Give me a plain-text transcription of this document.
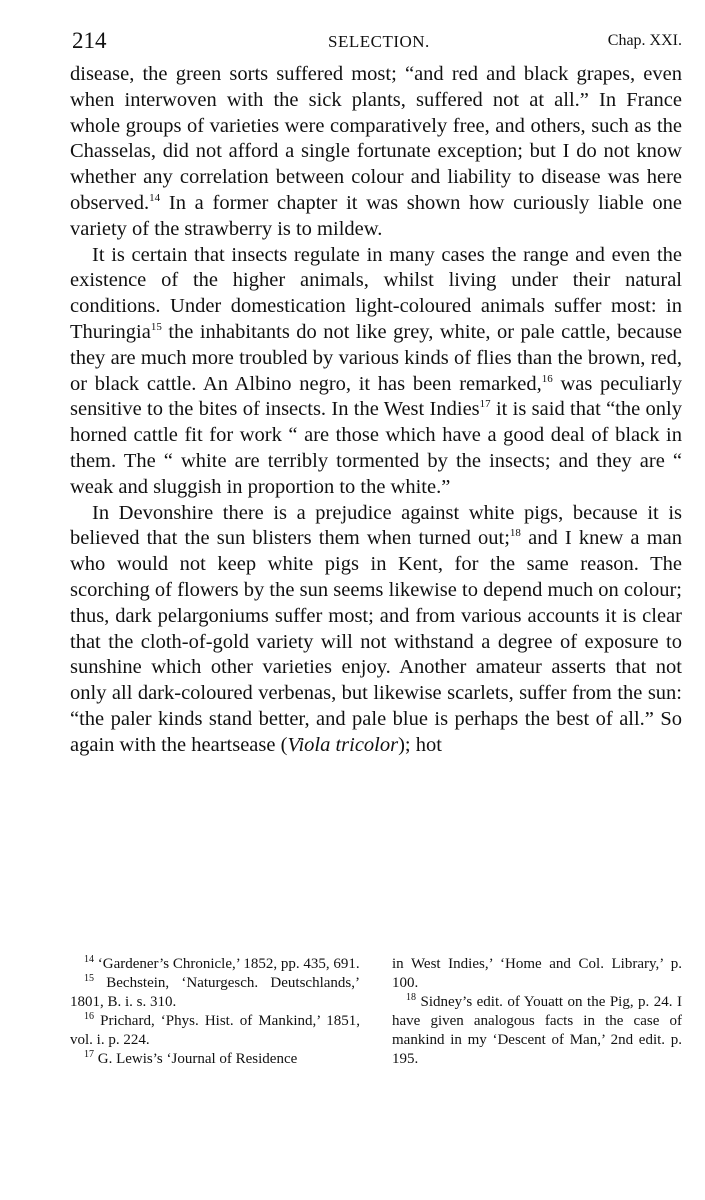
214	SELECTION.	Chap. XXI.

disease, the green sorts suffered most; “and red and black grapes, even when interwoven with the sick plants, suffered not at all.” In France whole groups of varieties were comparatively free, and others, such as the Chasselas, did not afford a single fortunate exception; but I do not know whether any correlation between colour and liability to disease was here observed.$^{14}$ In a former chapter it was shown how curiously liable one variety of the strawberry is to mildew.

It is certain that insects regulate in many cases the range and even the existence of the higher animals, whilst living under their natural conditions. Under domestication light-coloured animals suffer most: in Thuringia$^{15}$ the inhabitants do not like grey, white, or pale cattle, because they are much more troubled by various kinds of flies than the brown, red, or black cattle. An Albino negro, it has been remarked,$^{16}$ was peculiarly sensitive to the bites of insects. In the West Indies$^{17}$ it is said that “the only horned cattle fit for work “ are those which have a good deal of black in them. The “ white are terribly tormented by the insects; and they are “ weak and sluggish in proportion to the white.”

In Devonshire there is a prejudice against white pigs, because it is believed that the sun blisters them when turned out;$^{18}$ and I knew a man who would not keep white pigs in Kent, for the same reason. The scorching of flowers by the sun seems likewise to depend much on colour; thus, dark pelargoniums suffer most; and from various accounts it is clear that the cloth-of-gold variety will not withstand a degree of exposure to sunshine which other varieties enjoy. Another amateur asserts that not only all dark-coloured verbenas, but likewise scarlets, suffer from the sun: “the paler kinds stand better, and pale blue is perhaps the best of all.” So again with the heartsease (Viola tricolor); hot

$^{14}$ ‘Gardener’s Chronicle,’ 1852, pp. 435, 691.

$^{15}$ Bechstein, ‘Naturgesch. Deutschlands,’ 1801, B. i. s. 310.

$^{16}$ Prichard, ‘Phys. Hist. of Mankind,’ 1851, vol. i. p. 224.

$^{17}$ G. Lewis’s ‘Journal of Residence

in West Indies,’ ‘Home and Col. Library,’ p. 100.

$^{18}$ Sidney’s edit. of Youatt on the Pig, p. 24. I have given analogous facts in the case of mankind in my ‘Descent of Man,’ 2nd edit. p. 195.
